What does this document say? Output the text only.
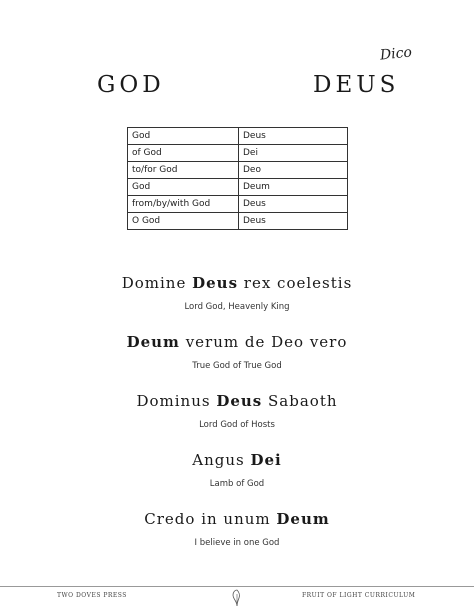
GOD	DEUS
Dico
God	Deus
of God	Dei
to/for God	Deo
God	Deum
from/by/with God	Deus
O God	Deus
Domine Deus rex coelestis
Lord God, Heavenly King
Deum verum de Deo vero
True God of True God
Dominus Deus Sabaoth
Lord God of Hosts
Angus Dei
Lamb of God
Credo in unum Deum
I believe in one God
TWO DOVES PRESS	FRUIT OF LIGHT CURRICULUM
